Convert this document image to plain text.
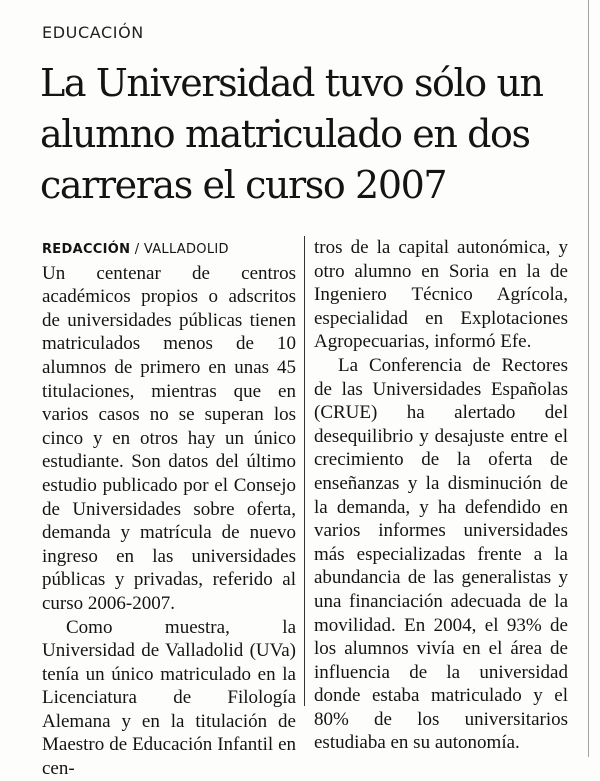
EDUCACIÓN
La Universidad tuvo sólo un alumno matriculado en dos carreras el curso 2007

REDACCIÓN / VALLADOLID
Un centenar de centros académicos propios o adscritos de universidades públicas tienen matriculados menos de 10 alumnos de primero en unas 45 titulaciones, mientras que en varios casos no se superan los cinco y en otros hay un único estudiante. Son datos del último estudio publicado por el Consejo de Universidades sobre oferta, demanda y matrícula de nuevo ingreso en las universidades públicas y privadas, referido al curso 2006-2007.

Como muestra, la Universidad de Valladolid (UVa) tenía un único matriculado en la Licenciatura de Filología Alemana y en la titulación de Maestro de Educación Infantil en cen-

tros de la capital autonómica, y otro alumno en Soria en la de Ingeniero Técnico Agrícola, especialidad en Explotaciones Agropecuarias, informó Efe.

La Conferencia de Rectores de las Universidades Españolas (CRUE) ha alertado del desequilibrio y desajuste entre el crecimiento de la oferta de enseñanzas y la disminución de la demanda, y ha defendido en varios informes universidades más especializadas frente a la abundancia de las generalistas y una financiación adecuada de la movilidad. En 2004, el 93% de los alumnos vivía en el área de influencia de la universidad donde estaba matriculado y el 80% de los universitarios estudiaba en su autonomía.
